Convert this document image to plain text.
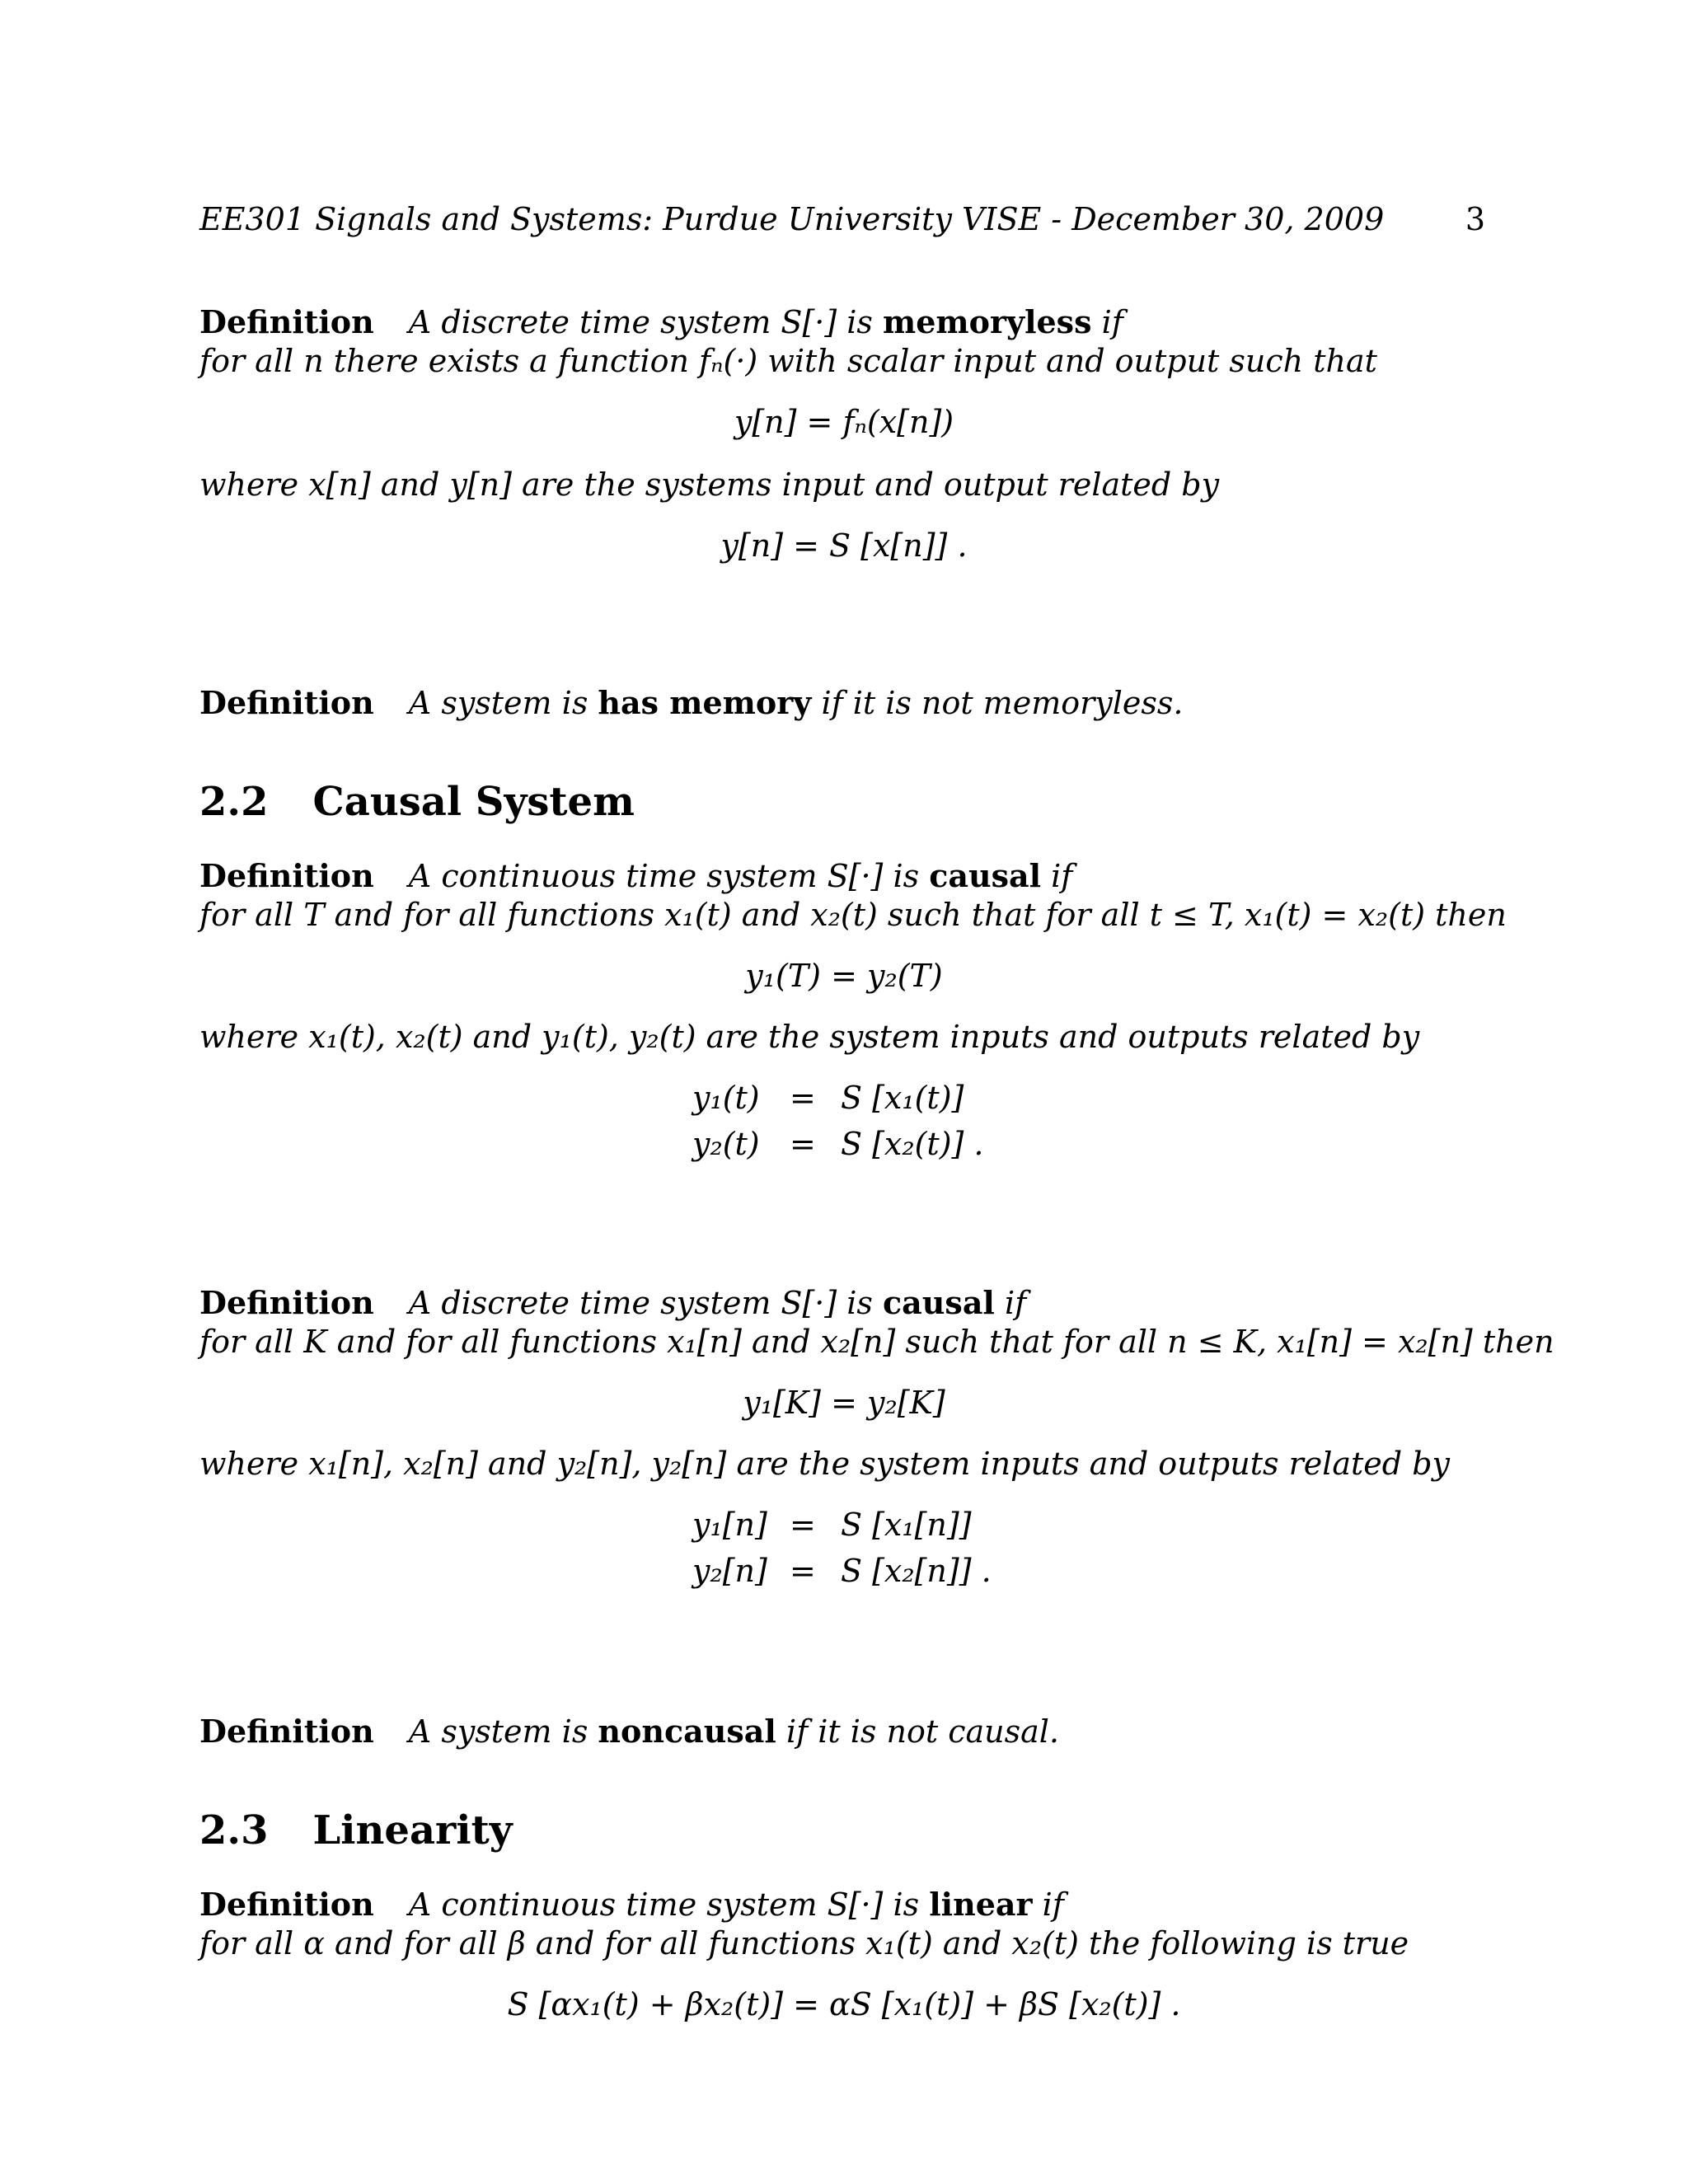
EE301 Signals and Systems: Purdue University VISE - December 30, 2009	3
Definition A discrete time system S[·] is memoryless if
for all n there exists a function fₙ(·) with scalar input and output such that
y[n] = fₙ(x[n])
where x[n] and y[n] are the systems input and output related by
y[n] = S [x[n]] .
Definition A system is has memory if it is not memoryless.
2.2 Causal System
Definition A continuous time system S[·] is causal if
for all T and for all functions x₁(t) and x₂(t) such that for all t ≤ T, x₁(t) = x₂(t) then
y₁(T) = y₂(T)
where x₁(t), x₂(t) and y₁(t), y₂(t) are the system inputs and outputs related by
y₁(t) = S [x₁(t)]
y₂(t) = S [x₂(t)] .
Definition A discrete time system S[·] is causal if
for all K and for all functions x₁[n] and x₂[n] such that for all n ≤ K, x₁[n] = x₂[n] then
y₁[K] = y₂[K]
where x₁[n], x₂[n] and y₂[n], y₂[n] are the system inputs and outputs related by
y₁[n] = S [x₁[n]]
y₂[n] = S [x₂[n]] .
Definition A system is noncausal if it is not causal.
2.3 Linearity
Definition A continuous time system S[·] is linear if
for all α and for all β and for all functions x₁(t) and x₂(t) the following is true
S [αx₁(t) + βx₂(t)] = αS [x₁(t)] + βS [x₂(t)] .
